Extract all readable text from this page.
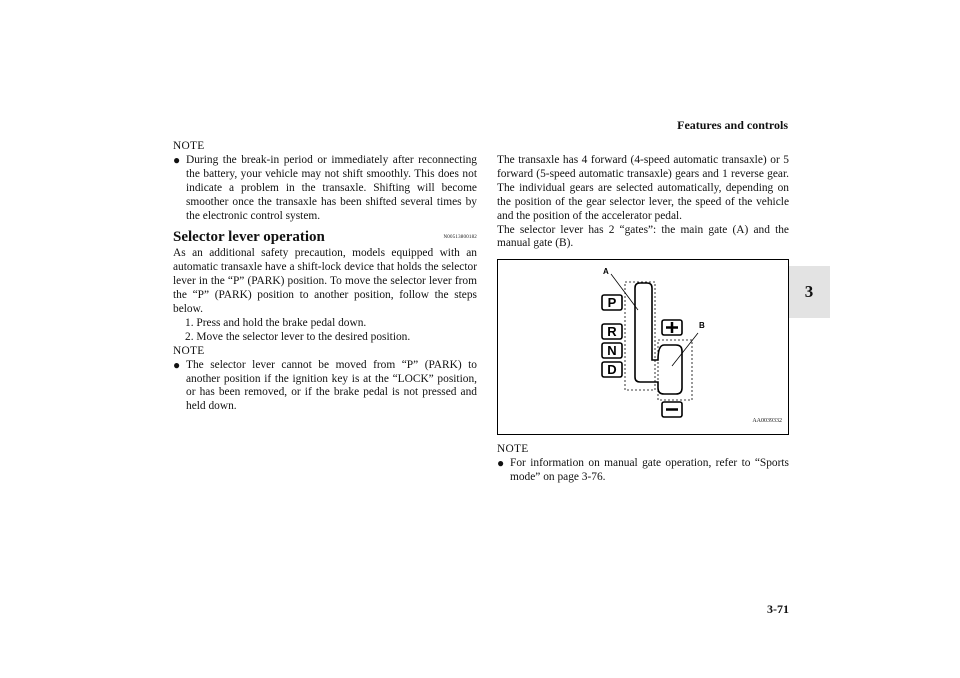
Features and controls
3
NOTE
● During the break-in period or immediately after reconnecting the battery, your vehicle may not shift smoothly. This does not indicate a problem in the transaxle. Shifting will become smoother once the transaxle has been shifted several times by the electronic control system.
Selector lever operation	N00513800182
As an additional safety precaution, models equipped with an automatic transaxle have a shift-lock device that holds the selector lever in the “P” (PARK) position. To move the selector lever from the “P” (PARK) position to another position, follow the steps below.
1. Press and hold the brake pedal down.
2. Move the selector lever to the desired position.
NOTE
● The selector lever cannot be moved from “P” (PARK) to another position if the ignition key is at the “LOCK” position, or has been removed, or if the brake pedal is not pressed and held down.
The transaxle has 4 forward (4-speed automatic transaxle) or 5 forward (5-speed automatic transaxle) gears and 1 reverse gear. The individual gears are selected automatically, depending on the position of the gear selector lever, the speed of the vehicle and the position of the accelerator pedal.
The selector lever has 2 “gates”: the main gate (A) and the manual gate (B).
P
R
N
D
A
B
AA0039332
NOTE
● For information on manual gate operation, refer to “Sports mode” on page 3-76.
3-71
